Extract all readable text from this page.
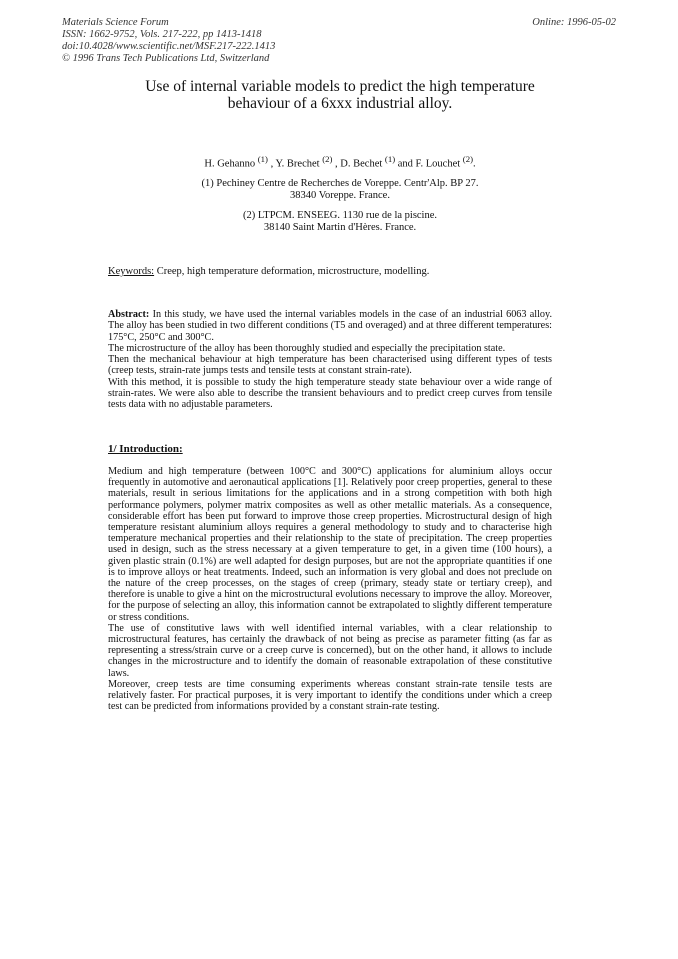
Materials Science Forum
ISSN: 1662-9752, Vols. 217-222, pp 1413-1418
doi:10.4028/www.scientific.net/MSF.217-222.1413
© 1996 Trans Tech Publications Ltd, Switzerland
Online: 1996-05-02
Use of internal variable models to predict the high temperature
behaviour of a 6xxx industrial alloy.
H. Gehanno $^{(1)}$ , Y. Brechet $^{(2)}$ , D. Bechet $^{(1)}$ and F. Louchet $^{(2)}$.
(1) Pechiney Centre de Recherches de Voreppe. Centr'Alp. BP 27.
38340 Voreppe. France.
(2) LTPCM. ENSEEG. 1130 rue de la piscine.
38140 Saint Martin d'Hères. France.
Keywords: Creep, high temperature deformation, microstructure, modelling.

Abstract: In this study, we have used the internal variables models in the case of an industrial 6063 alloy. The alloy has been studied in two different conditions (T5 and overaged) and at three different temperatures: 175°C, 250°C and 300°C.

The microstructure of the alloy has been thoroughly studied and especially the precipitation state.

Then the mechanical behaviour at high temperature has been characterised using different types of tests (creep tests, strain-rate jumps tests and tensile tests at constant strain-rate).

With this method, it is possible to study the high temperature steady state behaviour over a wide range of strain-rates. We were also able to describe the transient behaviours and to predict creep curves from tensile tests data with no adjustable parameters.

1/ Introduction:

Medium and high temperature (between 100°C and 300°C) applications for aluminium alloys occur frequently in automotive and aeronautical applications [1]. Relatively poor creep properties, general to these materials, result in serious limitations for the applications and in a strong competition with both high performance polymers, polymer matrix composites as well as other metallic materials. As a consequence, considerable effort has been put forward to improve those creep properties. Microstructural design of high temperature resistant aluminium alloys requires a general methodology to study and to characterise high temperature mechanical properties and their relationship to the state of precipitation. The creep properties used in design, such as the stress necessary at a given temperature to get, in a given time (100 hours), a given plastic strain (0.1%) are well adapted for design purposes, but are not the appropriate quantities if one is to improve alloys or heat treatments. Indeed, such an information is very global and does not preclude on the nature of the creep processes, on the stages of creep (primary, steady state or tertiary creep), and therefore is unable to give a hint on the microstructural evolutions necessary to improve the alloy. Moreover, for the purpose of selecting an alloy, this information cannot be extrapolated to slightly different temperature or stress conditions.

The use of constitutive laws with well identified internal variables, with a clear relationship to microstructural features, has certainly the drawback of not being as precise as parameter fitting (as far as representing a stress/strain curve or a creep curve is concerned), but on the other hand, it allows to include changes in the microstructure and to identify the domain of reasonable extrapolation of these constitutive laws.

Moreover, creep tests are time consuming experiments whereas constant strain-rate tensile tests are relatively faster. For practical purposes, it is very important to identify the conditions under which a creep test can be predicted from informations provided by a constant strain-rate testing.
